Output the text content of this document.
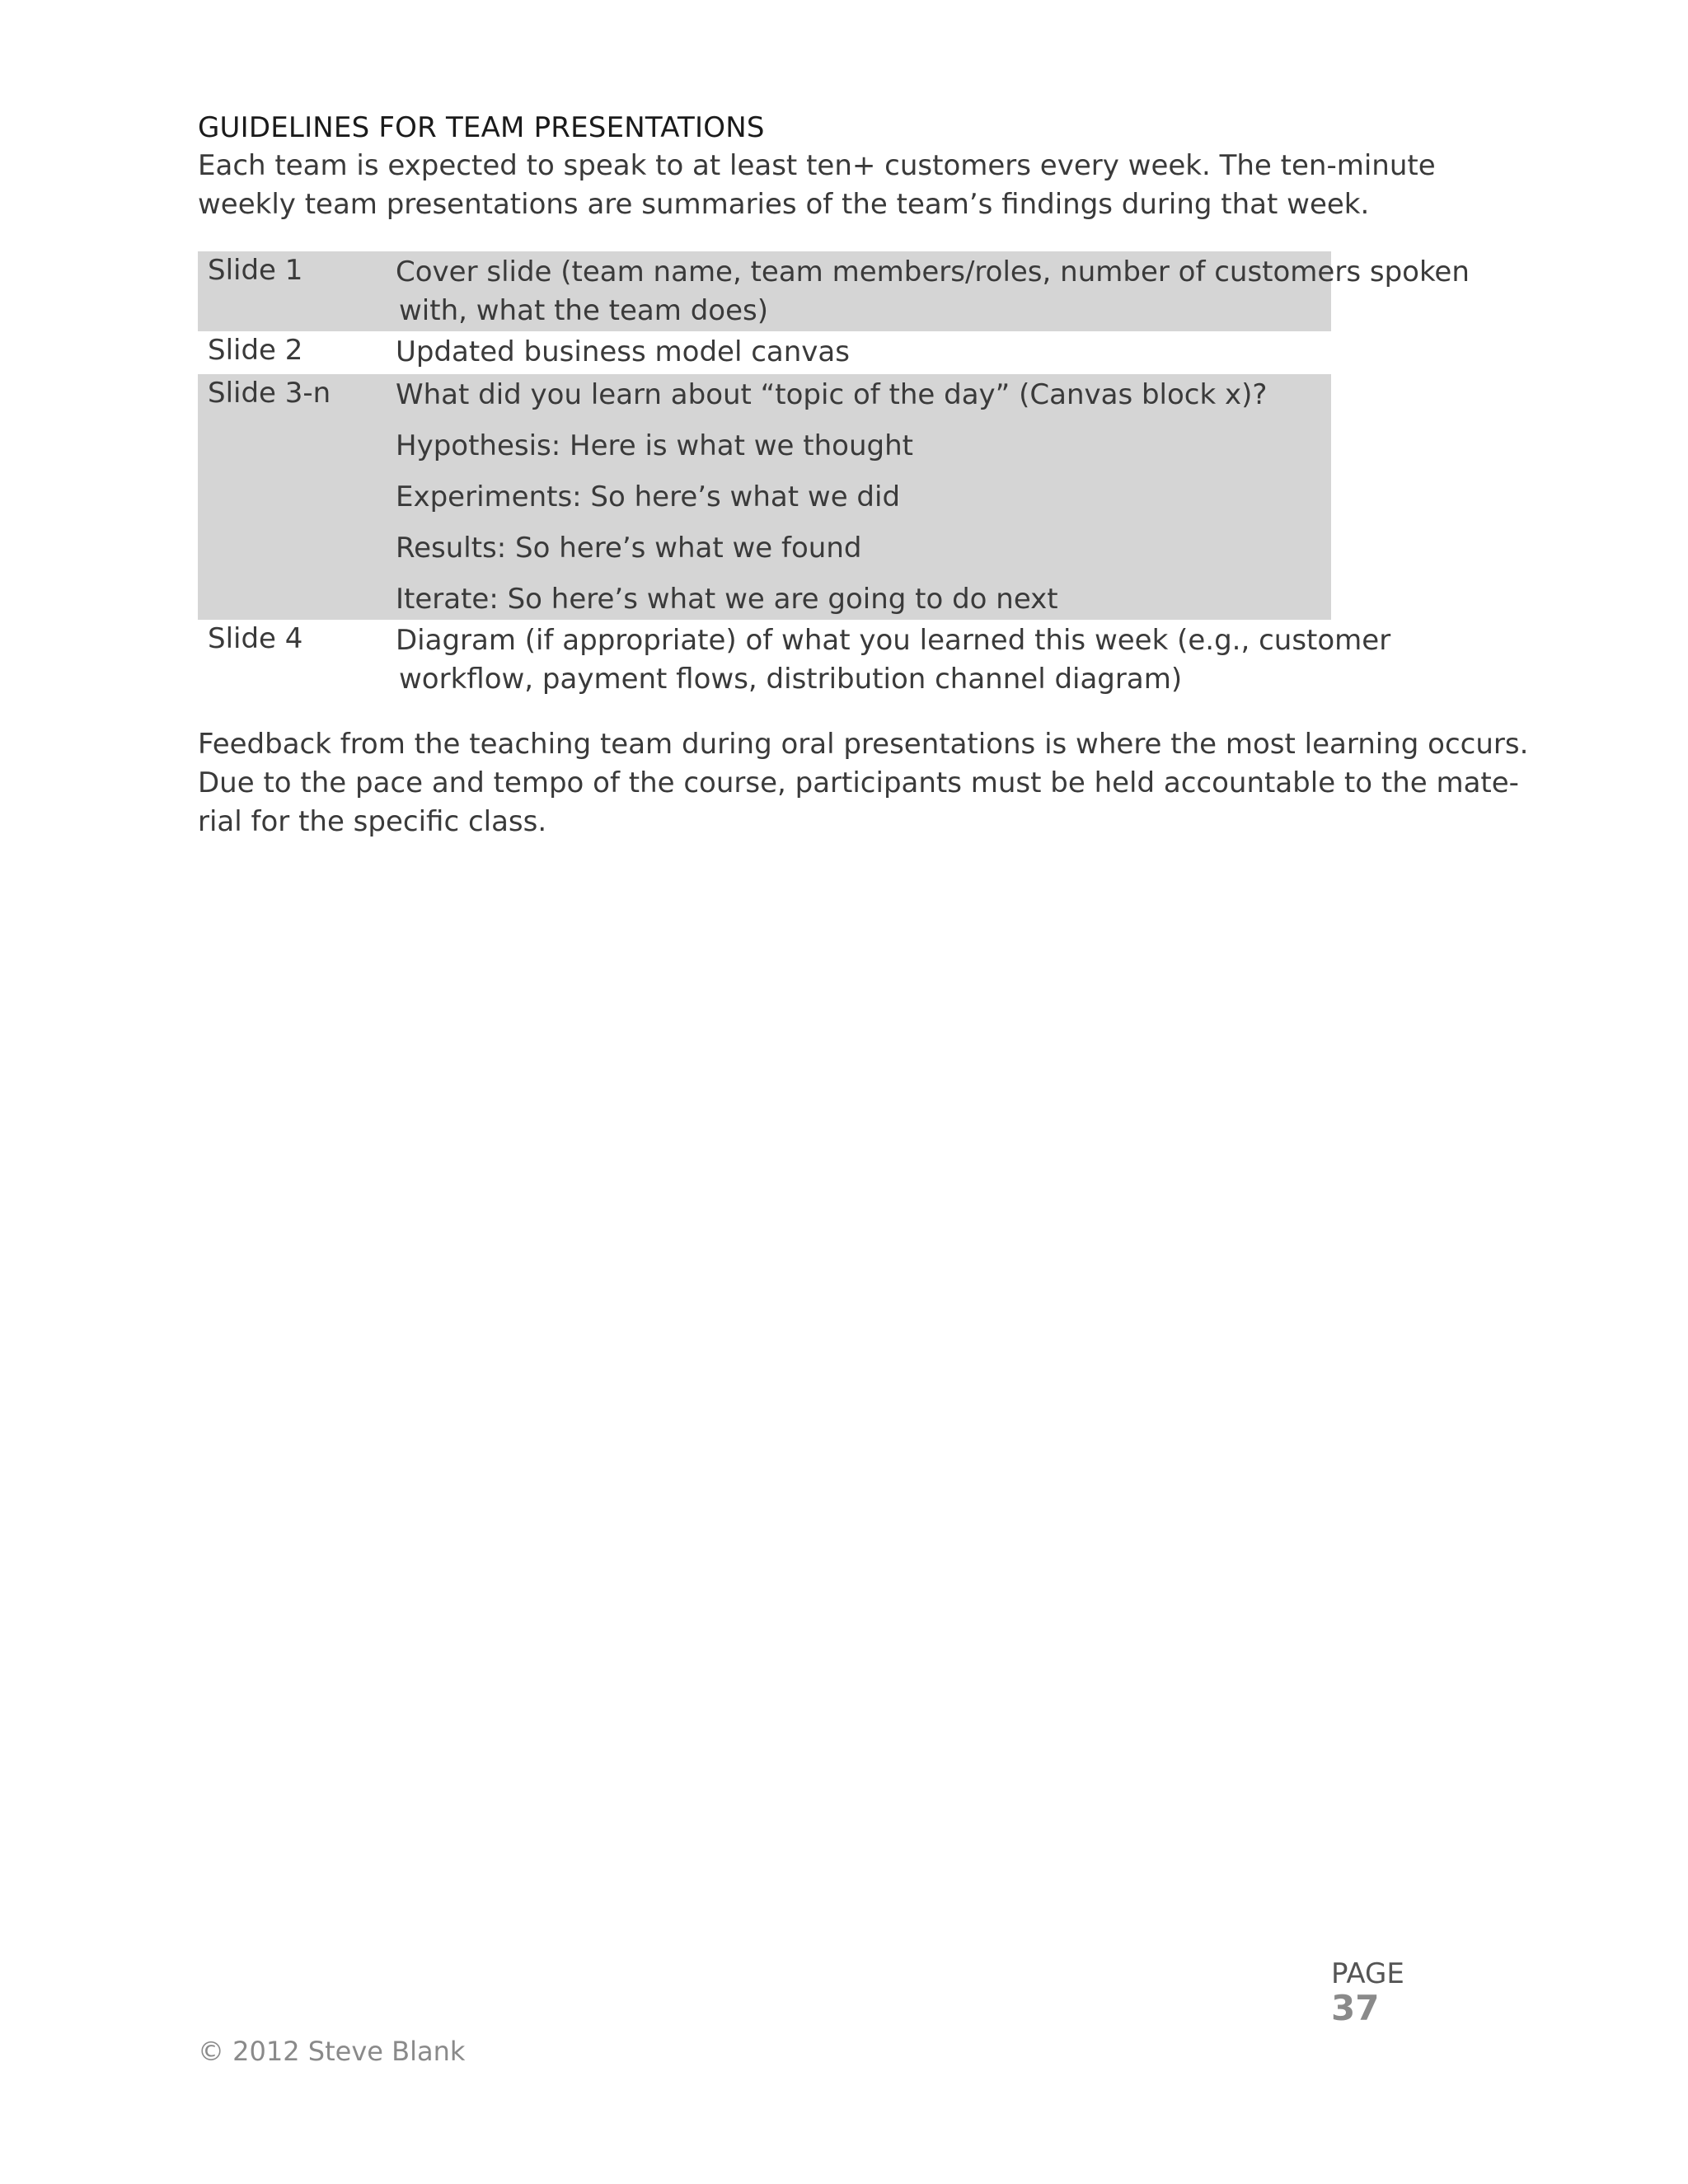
GUIDELINES FOR TEAM PRESENTATIONS

Each team is expected to speak to at least ten+ customers every week. The ten-minute

weekly team presentations are summaries of the team’s findings during that week.

Slide 1	Cover slide (team name, team members/roles, number of customers spoken
with, what the team does)
Slide 2	Updated business model canvas
Slide 3-n	What did you learn about “topic of the day” (Canvas block x)?
Hypothesis: Here is what we thought
Experiments: So here’s what we did
Results: So here’s what we found
Iterate: So here’s what we are going to do next
Slide 4	Diagram (if appropriate) of what you learned this week (e.g., customer
workflow, payment flows, distribution channel diagram)

Feedback from the teaching team during oral presentations is where the most learning occurs.

Due to the pace and tempo of the course, participants must be held accountable to the mate-

rial for the specific class.

PAGE
37
© 2012 Steve Blank
